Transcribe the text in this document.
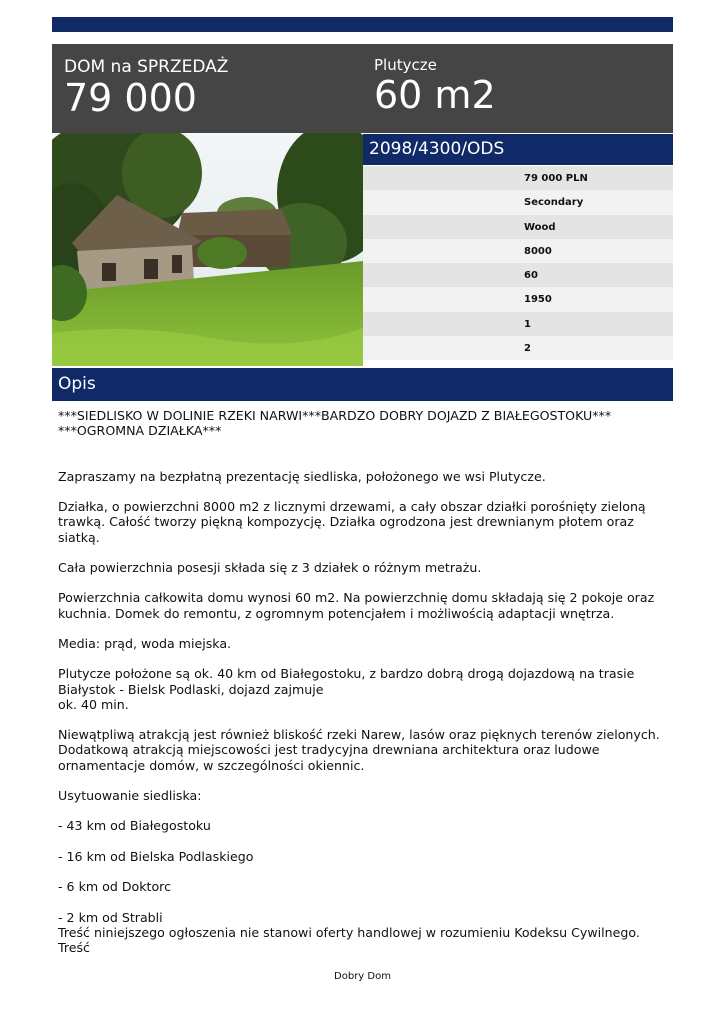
DOM na SPRZEDAŻ
79 000
Plutycze
60 m2
2098/4300/ODS
79 000 PLN
Secondary
Wood
8000
60
1950
1
2
Opis
***SIEDLISKO W DOLINIE RZEKI NARWI***BARDZO DOBRY DOJAZD Z BIAŁEGOSTOKU***
***OGROMNA DZIAŁKA***

Zapraszamy na bezpłatną prezentację siedliska, położonego we wsi Plutycze.

Działka, o powierzchni 8000 m2 z licznymi drzewami, a cały obszar działki porośnięty zieloną trawką. Całość tworzy piękną kompozycję. Działka ogrodzona jest drewnianym płotem oraz siatką.

Cała powierzchnia posesji składa się z 3 działek o różnym metrażu.

Powierzchnia całkowita domu wynosi 60 m2. Na powierzchnię domu składają się 2 pokoje oraz kuchnia. Domek do remontu, z ogromnym potencjałem i możliwością adaptacji wnętrza.

Media: prąd, woda miejska.

Plutycze położone są ok. 40 km od Białegostoku, z bardzo dobrą drogą dojazdową na trasie
Białystok - Bielsk Podlaski, dojazd zajmuje

ok. 40 min.

Niewątpliwą atrakcją jest również bliskość rzeki Narew, lasów oraz pięknych terenów zielonych. Dodatkową atrakcją miejscowości jest tradycyjna drewniana architektura oraz ludowe ornamentacje domów, w szczególności okiennic.

Usytuowanie siedliska:

- 43 km od Białegostoku

- 16 km od Bielska Podlaskiego

- 6 km od Doktorc

- 2 km od Strabli
Treść niniejszego ogłoszenia nie stanowi oferty handlowej w rozumieniu Kodeksu Cywilnego. Treść
Dobry Dom
